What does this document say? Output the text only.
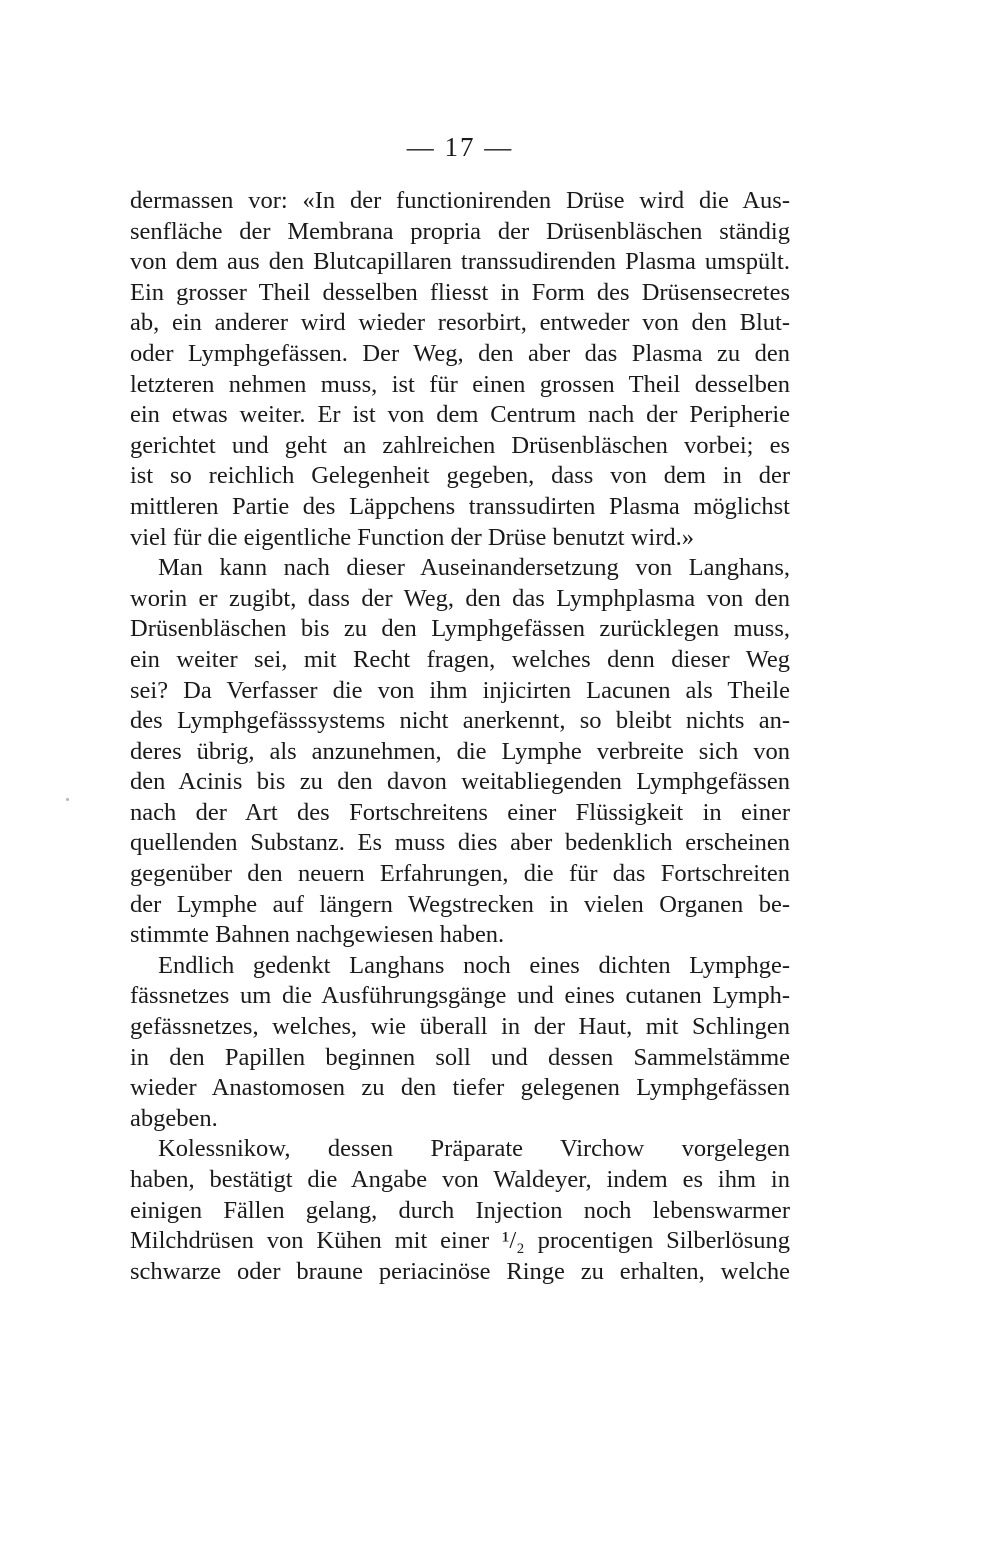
— 17 —
dermassen vor: «In der functionirenden Drüse wird die Aus-
senfläche der Membrana propria der Drüsenbläschen ständig
von dem aus den Blutcapillaren transsudirenden Plasma umspült.
Ein grosser Theil desselben fliesst in Form des Drüsensecretes
ab, ein anderer wird wieder resorbirt, entweder von den Blut-
oder Lymphgefässen. Der Weg, den aber das Plasma zu den
letzteren nehmen muss, ist für einen grossen Theil desselben
ein etwas weiter. Er ist von dem Centrum nach der Peripherie
gerichtet und geht an zahlreichen Drüsenbläschen vorbei; es
ist so reichlich Gelegenheit gegeben, dass von dem in der
mittleren Partie des Läppchens transsudirten Plasma möglichst
viel für die eigentliche Function der Drüse benutzt wird.»
Man kann nach dieser Auseinandersetzung von Langhans,
worin er zugibt, dass der Weg, den das Lymphplasma von den
Drüsenbläschen bis zu den Lymphgefässen zurücklegen muss,
ein weiter sei, mit Recht fragen, welches denn dieser Weg
sei? Da Verfasser die von ihm injicirten Lacunen als Theile
des Lymphgefässsystems nicht anerkennt, so bleibt nichts an-
deres übrig, als anzunehmen, die Lymphe verbreite sich von
den Acinis bis zu den davon weitabliegenden Lymphgefässen
nach der Art des Fortschreitens einer Flüssigkeit in einer
quellenden Substanz. Es muss dies aber bedenklich erscheinen
gegenüber den neuern Erfahrungen, die für das Fortschreiten
der Lymphe auf längern Wegstrecken in vielen Organen be-
stimmte Bahnen nachgewiesen haben.
Endlich gedenkt Langhans noch eines dichten Lymphge-
fässnetzes um die Ausführungsgänge und eines cutanen Lymph-
gefässnetzes, welches, wie überall in der Haut, mit Schlingen
in den Papillen beginnen soll und dessen Sammelstämme
wieder Anastomosen zu den tiefer gelegenen Lymphgefässen
abgeben.
Kolessnikow, dessen Präparate Virchow vorgelegen
haben, bestätigt die Angabe von Waldeyer, indem es ihm in
einigen Fällen gelang, durch Injection noch lebenswarmer
Milchdrüsen von Kühen mit einer ¹/₂ procentigen Silberlösung
schwarze oder braune periacinöse Ringe zu erhalten, welche
